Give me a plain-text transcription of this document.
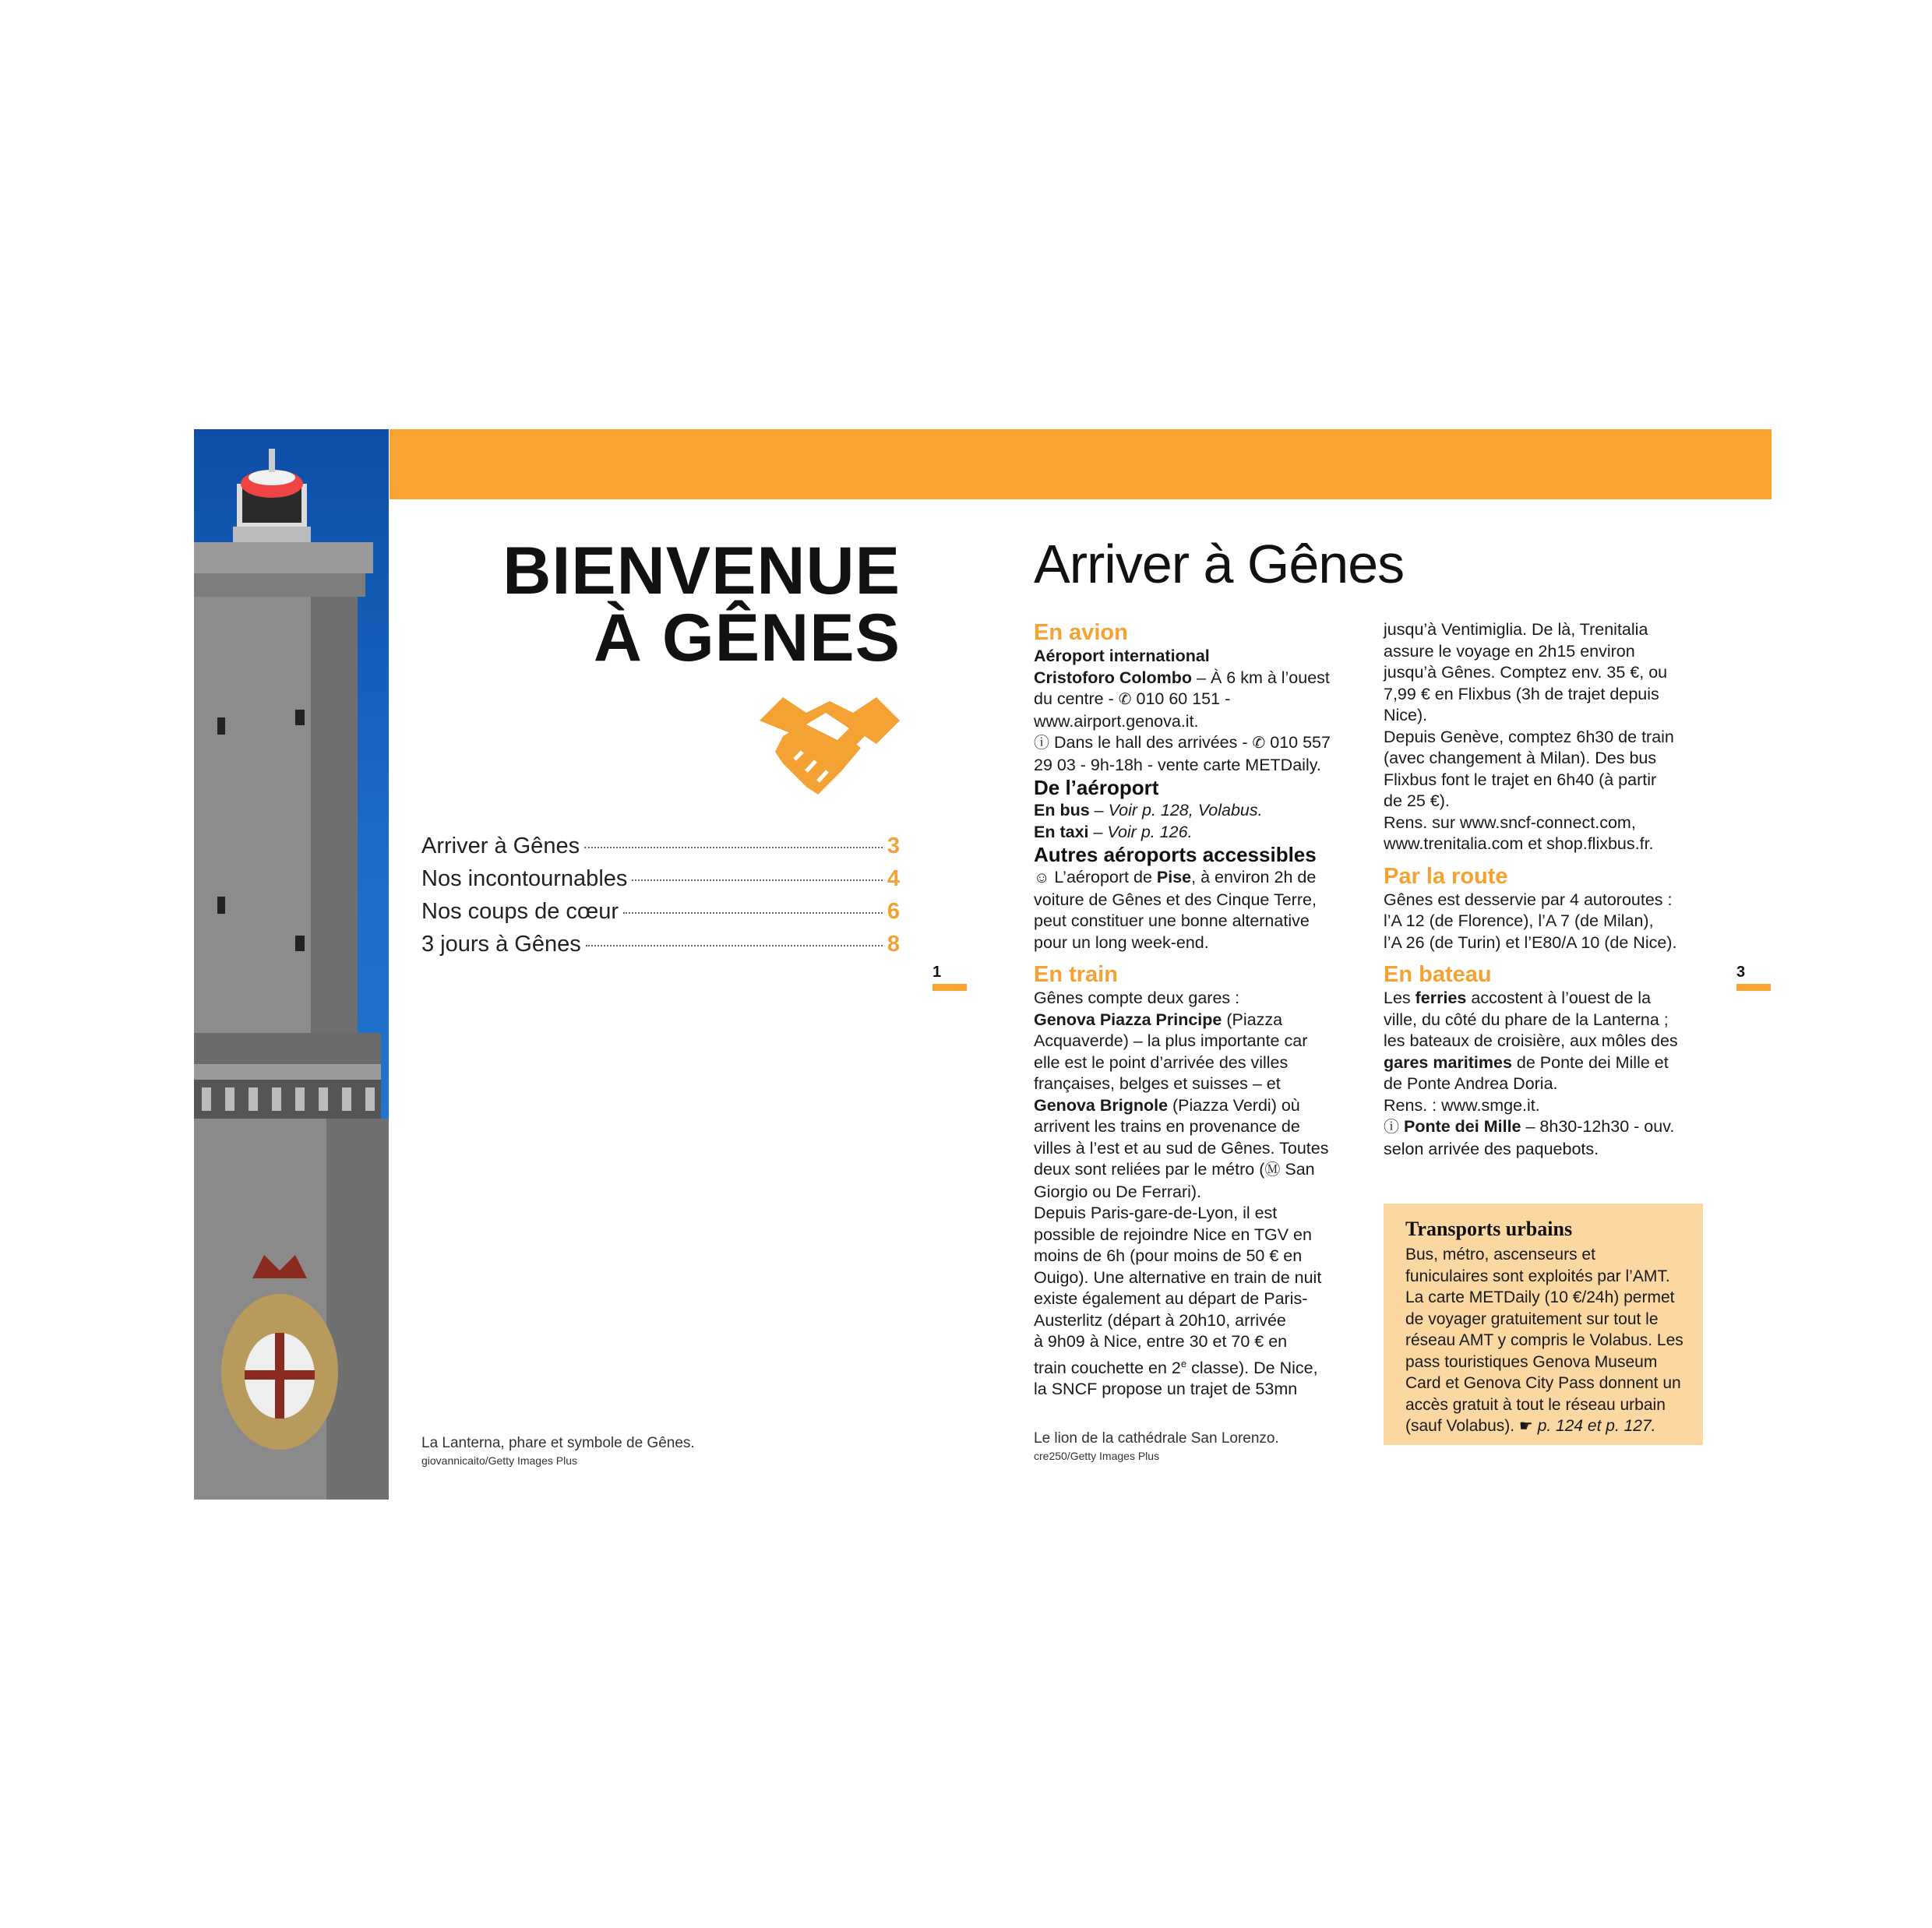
BIENVENUE
À GÊNES
Arriver à Gênes	3
Nos incontournables	4
Nos coups de cœur	6
3 jours à Gênes	8
1
La Lanterna, phare et symbole de Gênes.
giovannicaito/Getty Images Plus
Arriver à Gênes

En avion

Aéroport international

Cristoforo Colombo – À 6 km à l’ouest

du centre - ✆ 010 60 151 -

www.airport.genova.it.

ⓘ Dans le hall des arrivées - ✆ 010 557

29 03 - 9h-18h - vente carte METDaily.

De l’aéroport

En bus – Voir p. 128, Volabus.

En taxi – Voir p. 126.

Autres aéroports accessibles

☺ L’aéroport de Pise, à environ 2h de

voiture de Gênes et des Cinque Terre,

peut constituer une bonne alternative

pour un long week-end.

En train

Gênes compte deux gares :

Genova Piazza Principe (Piazza

Acquaverde) – la plus importante car

elle est le point d’arrivée des villes

françaises, belges et suisses – et

Genova Brignole (Piazza Verdi) où

arrivent les trains en provenance de

villes à l’est et au sud de Gênes. Toutes

deux sont reliées par le métro (Ⓜ San

Giorgio ou De Ferrari).

Depuis Paris-gare-de-Lyon, il est

possible de rejoindre Nice en TGV en

moins de 6h (pour moins de 50 € en

Ouigo). Une alternative en train de nuit

existe également au départ de Paris-

Austerlitz (départ à 20h10, arrivée

à 9h09 à Nice, entre 30 et 70 € en

train couchette en 2e classe). De Nice,

la SNCF propose un trajet de 53mn

jusqu’à Ventimiglia. De là, Trenitalia

assure le voyage en 2h15 environ

jusqu’à Gênes. Comptez env. 35 €, ou

7,99 € en Flixbus (3h de trajet depuis

Nice).

Depuis Genève, comptez 6h30 de train

(avec changement à Milan). Des bus

Flixbus font le trajet en 6h40 (à partir

de 25 €).

Rens. sur www.sncf-connect.com,

www.trenitalia.com et shop.flixbus.fr.

Par la route

Gênes est desservie par 4 autoroutes :

l’A 12 (de Florence), l’A 7 (de Milan),

l’A 26 (de Turin) et l’E80/A 10 (de Nice).

En bateau

Les ferries accostent à l’ouest de la

ville, du côté du phare de la Lanterna ;

les bateaux de croisière, aux môles des

gares maritimes de Ponte dei Mille et

de Ponte Andrea Doria.

Rens. : www.smge.it.

ⓘ Ponte dei Mille – 8h30-12h30 - ouv.

selon arrivée des paquebots.

Transports urbains
Bus, métro, ascenseurs et
funiculaires sont exploités par l’AMT.
La carte METDaily (10 €/24h) permet
de voyager gratuitement sur tout le
réseau AMT y compris le Volabus. Les
pass touristiques Genova Museum
Card et Genova City Pass donnent un
accès gratuit à tout le réseau urbain
(sauf Volabus). ☛ p. 124 et p. 127.
3
Le lion de la cathédrale San Lorenzo.
cre250/Getty Images Plus
